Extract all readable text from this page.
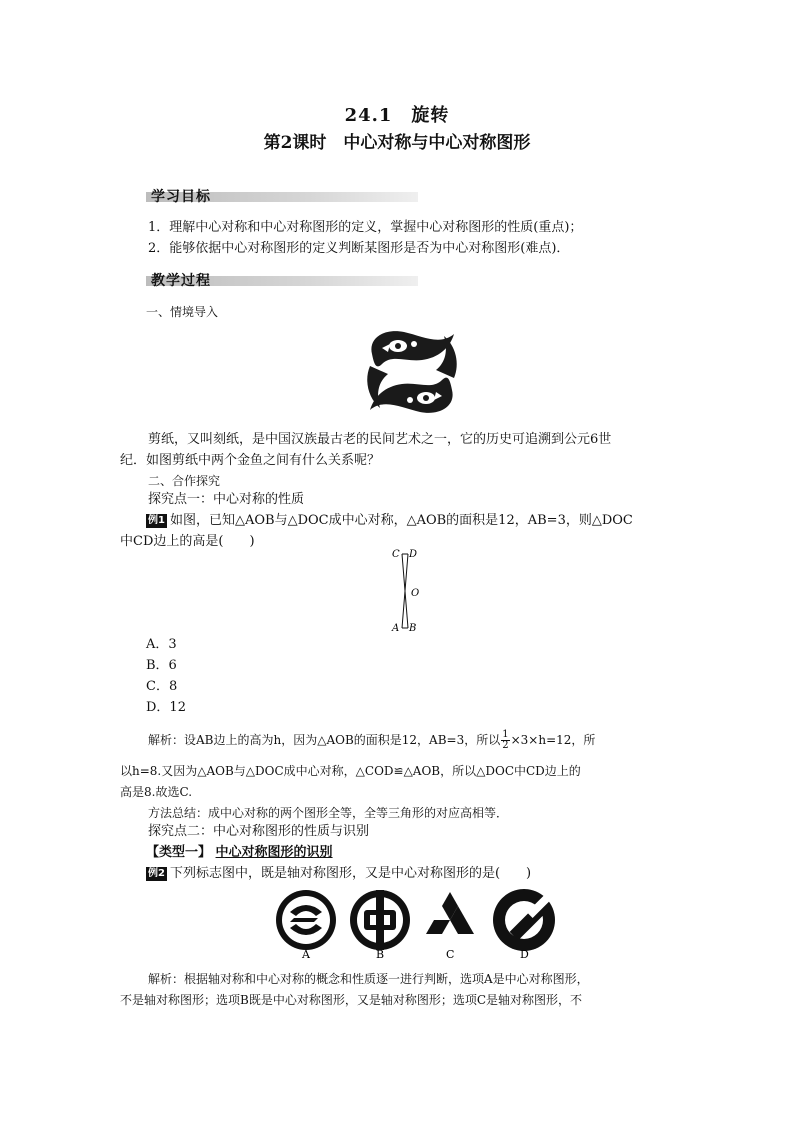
24.1　旋转
第2课时　中心对称与中心对称图形
学习目标
1．理解中心对称和中心对称图形的定义，掌握中心对称图形的性质(重点)；
2．能够依据中心对称图形的定义判断某图形是否为中心对称图形(难点)．
教学过程
一、情境导入
剪纸，又叫刻纸，是中国汉族最古老的民间艺术之一，它的历史可追溯到公元6世
纪．如图剪纸中两个金鱼之间有什么关系呢？
二、合作探究
探究点一：中心对称的性质
例1 如图，已知△AOB与△DOC成中心对称，△AOB的面积是12，AB=3，则△DOC
中CD边上的高是(　　)
C D
O
A B
A．3
B．6
C．8
D．12
解析：设AB边上的高为h，因为△AOB的面积是12，AB=3，所以 $\frac{1}{2} \times 3\times h=12$，所
以h=8.又因为△AOB与△DOC成中心对称，△COD≌△AOB，所以△DOC中CD边上的
高是8.故选C.
方法总结：成中心对称的两个图形全等，全等三角形的对应高相等．
探究点二：中心对称图形的性质与识别
【类型一】 中心对称图形的识别
例2 下列标志图中，既是轴对称图形，又是中心对称图形的是(　　)
A	B	C	D
解析：根据轴对称和中心对称的概念和性质逐一进行判断，选项A是中心对称图形，
不是轴对称图形；选项B既是中心对称图形，又是轴对称图形；选项C是轴对称图形，不
